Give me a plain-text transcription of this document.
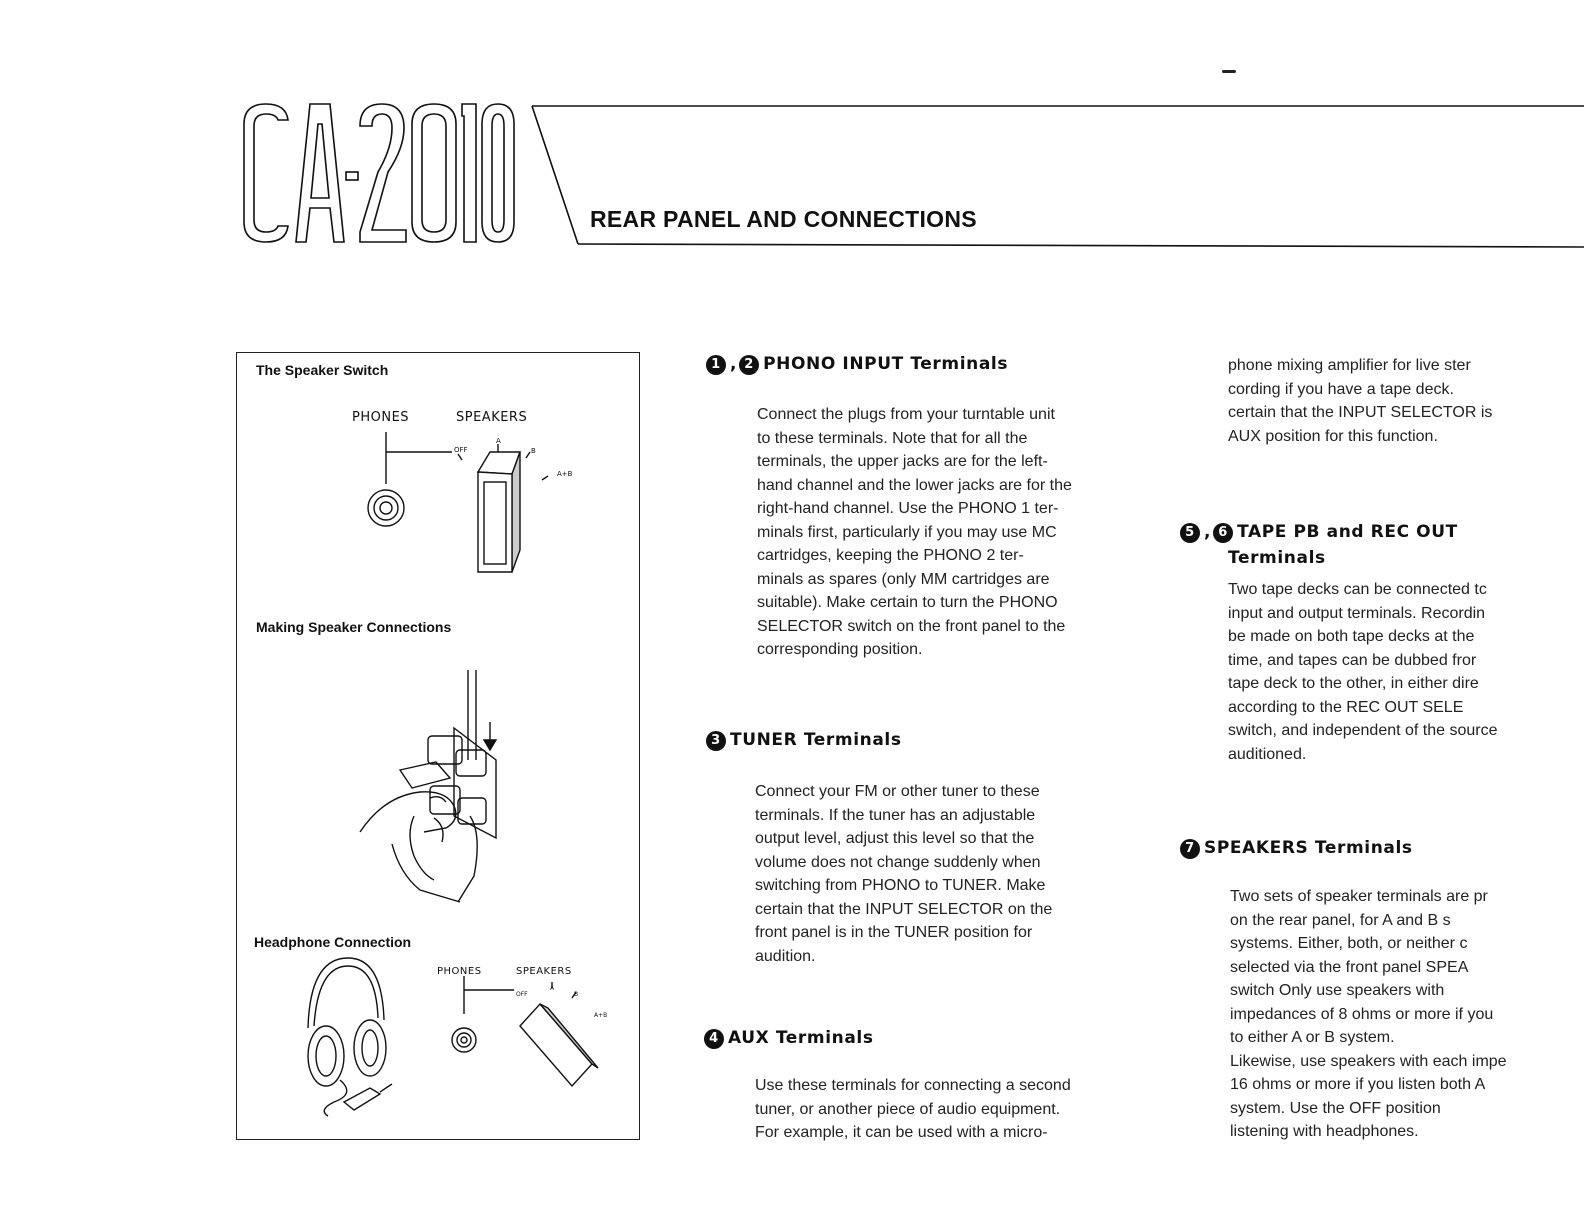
REAR PANEL AND CONNECTIONS
The Speaker Switch
PHONES	SPEAKERS
OFF
A
B
A+B
Making Speaker Connections
Headphone Connection
PHONES	SPEAKERS
OFF
A
B
A+B
1 , 2 PHONO INPUT Terminals
Connect the plugs from your turntable unit
to these terminals. Note that for all the
terminals, the upper jacks are for the left-
hand channel and the lower jacks are for the
right-hand channel. Use the PHONO 1 ter-
minals first, particularly if you may use MC
cartridges, keeping the PHONO 2 ter-
minals as spares (only MM cartridges are
suitable). Make certain to turn the PHONO
SELECTOR switch on the front panel to the
corresponding position.
3 TUNER Terminals
Connect your FM or other tuner to these
terminals. If the tuner has an adjustable
output level, adjust this level so that the
volume does not change suddenly when
switching from PHONO to TUNER. Make
certain that the INPUT SELECTOR on the
front panel is in the TUNER position for
audition.
4 AUX Terminals
Use these terminals for connecting a second
tuner, or another piece of audio equipment.
For example, it can be used with a micro-
phone mixing amplifier for live ster
cording if you have a tape deck.
certain that the INPUT SELECTOR is
AUX position for this function.
5 , 6 TAPE PB and REC OUT
Terminals
Two tape decks can be connected tc
input and output terminals. Recordin
be made on both tape decks at the
time, and tapes can be dubbed fror
tape deck to the other, in either dire
according to the REC OUT SELE
switch, and independent of the source
auditioned.
7 SPEAKERS Terminals
Two sets of speaker terminals are pr
on the rear panel, for A and B s
systems. Either, both, or neither c
selected via the front panel SPEA
switch Only use speakers with
impedances of 8 ohms or more if you
to either A or B system.
Likewise, use speakers with each impe
16 ohms or more if you listen both A
system. Use the OFF position
listening with headphones.
